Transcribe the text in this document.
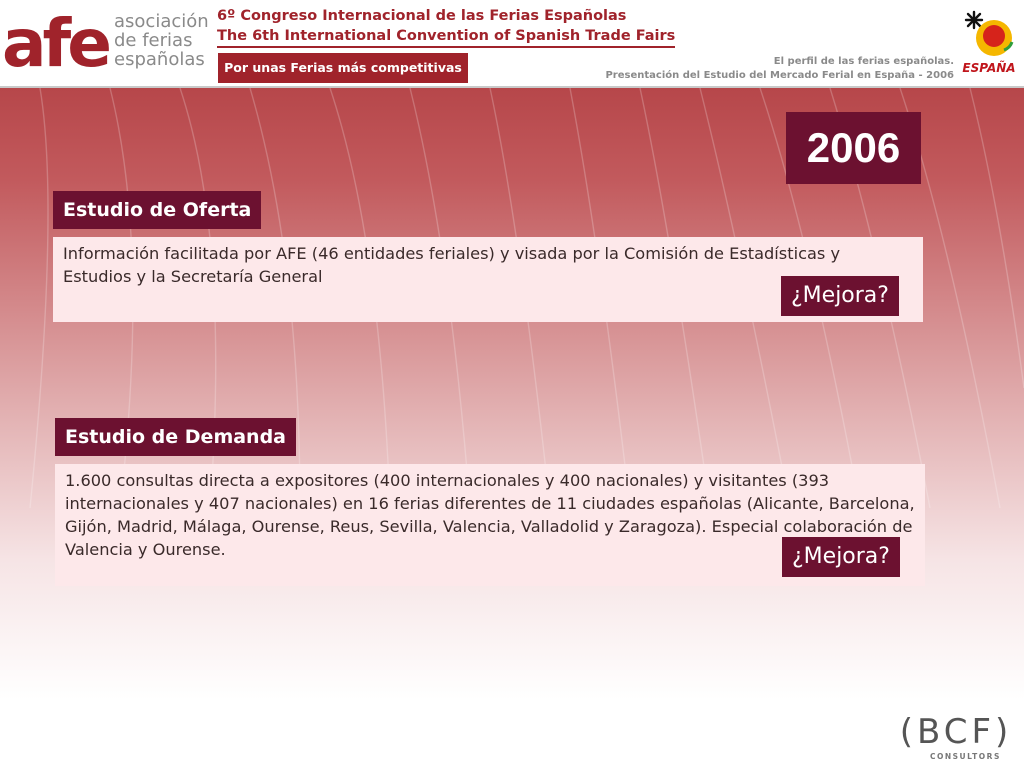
afe asociación
de ferias
españolas
6º Congreso Internacional de las Ferias Españolas
The 6th International Convention of Spanish Trade Fairs
Por unas Ferias más competitivas	El perfil de las ferias españolas.
Presentación del Estudio del Mercado Ferial en España - 2006
ESPAÑA
2006
Estudio de Oferta
Información facilitada por AFE (46 entidades feriales) y visada por la Comisión de Estadísticas y Estudios y la Secretaría General
¿Mejora?
Estudio de Demanda
1.600 consultas directa a expositores (400 internacionales y 400 nacionales) y visitantes (393 internacionales y 407 nacionales) en 16 ferias diferentes de 11 ciudades españolas (Alicante, Barcelona, Gijón, Madrid, Málaga, Ourense, Reus, Sevilla, Valencia, Valladolid y Zaragoza). Especial colaboración de Valencia y Ourense.	¿Mejora?
(BCF)
CONSULTORS
